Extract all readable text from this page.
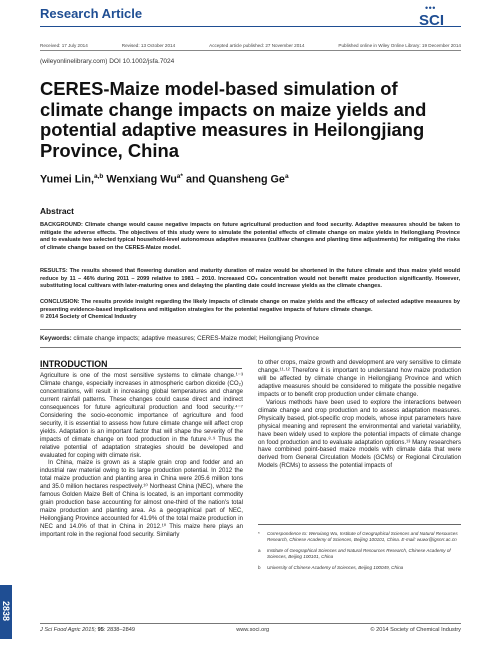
Research Article	• • •
SCI
Received: 17 July 2014	Revised: 13 October 2014	Accepted article published: 27 November 2014	Published online in Wiley Online Library: 19 December 2014
(wileyonlinelibrary.com) DOI 10.1002/jsfa.7024
CERES-Maize model-based simulation of climate change impacts on maize yields and potential adaptive measures in Heilongjiang Province, China
Yumei Lin,$^{a,b}$ Wenxiang $Wu^{a*}$ and Quansheng Ge$^a$
Abstract
BACKGROUND: Climate change would cause negative impacts on future agricultural production and food security. Adaptive measures should be taken to mitigate the adverse effects. The objectives of this study were to simulate the potential effects of climate change on maize yields in Heilongjiang Province and to evaluate two selected typical household-level autonomous adaptive measures (cultivar changes and planting time adjustments) for mitigating the risks of climate change based on the CERES-Maize model.
RESULTS: The results showed that flowering duration and maturity duration of maize would be shortened in the future climate and thus maize yield would reduce by 11 – 46% during 2011 – 2099 relative to 1981 – 2010. Increased CO₂ concentration would not benefit maize production significantly. However, substituting local cultivars with later-maturing ones and delaying the planting date could increase yields as the climate changes.
CONCLUSION: The results provide insight regarding the likely impacts of climate change on maize yields and the efficacy of selected adaptive measures by presenting evidence-based implications and mitigation strategies for the potential negative impacts of future climate change.
© 2014 Society of Chemical Industry
Keywords: climate change impacts; adaptive measures; CERES-Maize model; Heilongjiang Province
INTRODUCTION

Agriculture is one of the most sensitive systems to climate change.¹⁻³ Climate change, especially increases in atmospheric carbon dioxide (CO₂) concentrations, will result in increasing global temperatures and change current rainfall patterns. These changes could cause direct and indirect consequences for future agricultural production and food security.⁴⁻⁷ Considering the socio-economic importance of agriculture and food security, it is essential to assess how future climate change will affect crop yields. Adaptation is an important factor that will shape the severity of the impacts of climate change on food production in the future.⁸·⁹ Thus the relative potential of adaptation strategies should be developed and evaluated for coping with climate risk.

In China, maize is grown as a staple grain crop and fodder and an industrial raw material owing to its large production potential. In 2012 the total maize production and planting area in China were 205.6 million tons and 35.0 million hectares respectively.¹⁰ Northeast China (NEC), where the famous Golden Maize Belt of China is located, is an important commodity grain production base accounting for almost one-third of the nation's total maize production and planting area. As a geographical part of NEC, Heilongjiang Province accounted for 41.9% of the total maize production in NEC and 14.0% of that in China in 2012.¹⁰ This maize here plays an important role in the regional food security. Similarly

to other crops, maize growth and development are very sensitive to climate change.¹¹·¹² Therefore it is important to understand how maize production will be affected by climate change in Heilongjiang Province and which adaptive measures should be considered to mitigate the possible negative impacts or to benefit crop production under climate change.

Various methods have been used to explore the interactions between climate change and crop production and to assess adaptation measures. Physically based, plot-specific crop models, whose input parameters have physical meaning and represent the environmental and varietal variability, have been widely used to explore the potential impacts of climate change on food production and to evaluate adaptation options.¹³ Many researchers have combined point-based maize models with climate data that were derived from General Circulation Models (GCMs) or Regional Circulation Models (RCMs) to assess the potential impacts of

* Correspondence to: Wenxiang Wu, Institute of Geographical Sciences and Natural Resources Research, Chinese Academy of Sciences, Beijing 100101, China. E-mail: wuwx@igsnrr.ac.cn

a Institute of Geographical Sciences and Natural Resources Research, Chinese Academy of Sciences, Beijing 100101, China

b University of Chinese Academy of Sciences, Beijing 100049, China

J Sci Food Agric 2015; 95: 2838–2849	www.soci.org	© 2014 Society of Chemical Industry
2838
